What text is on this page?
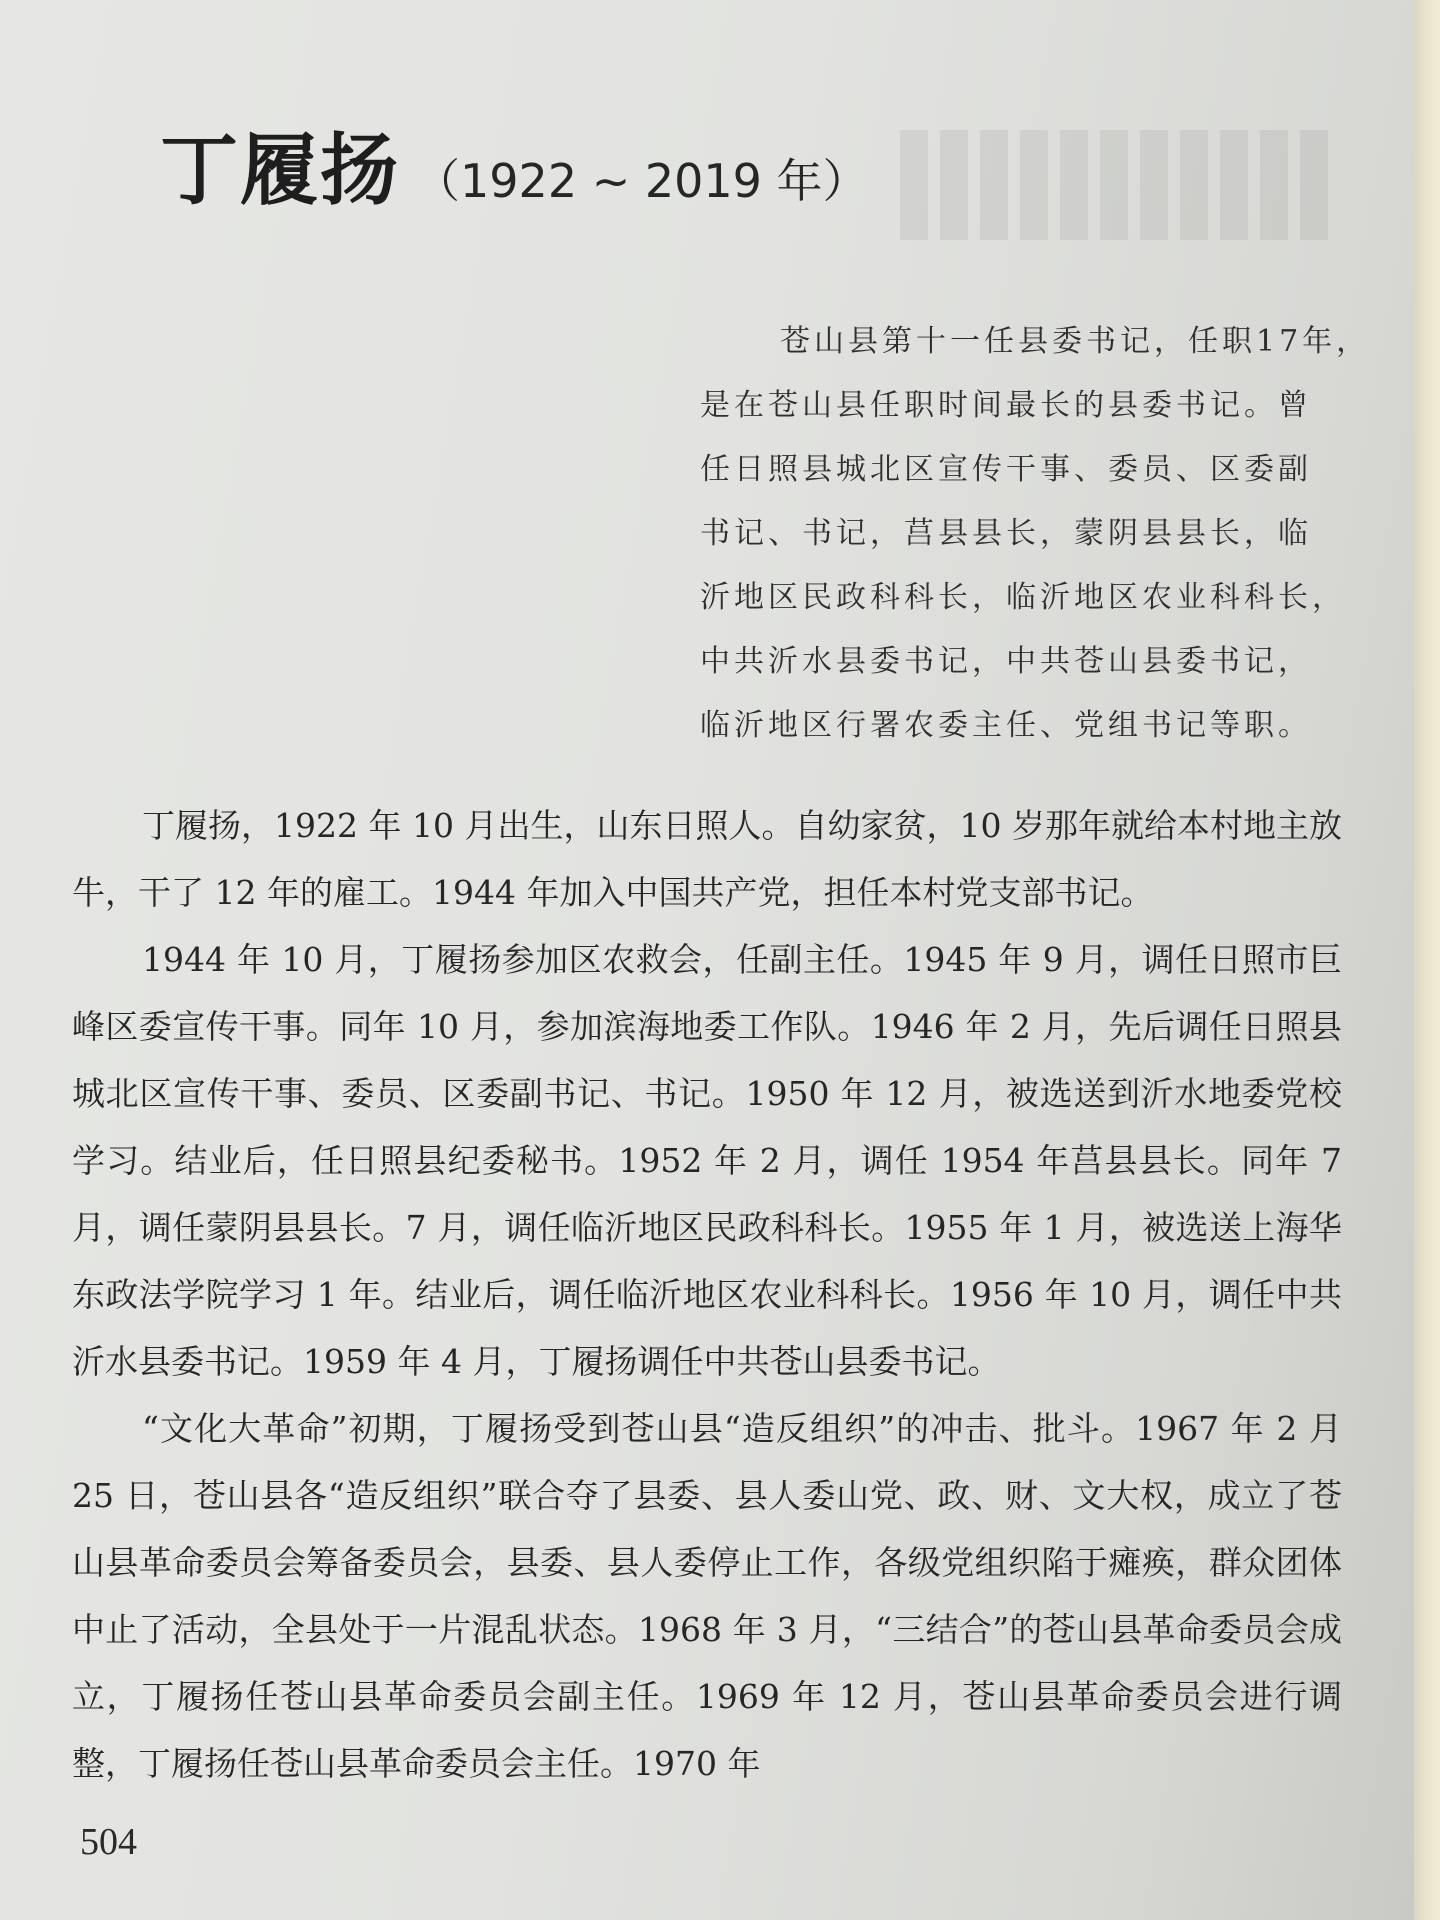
丁履扬 （1922 ~ 2019 年）
苍山县第十一任县委书记，任职17年，
是在苍山县任职时间最长的县委书记。曾
任日照县城北区宣传干事、委员、区委副
书记、书记，莒县县长，蒙阴县县长，临
沂地区民政科科长，临沂地区农业科科长，
中共沂水县委书记，中共苍山县委书记，
临沂地区行署农委主任、党组书记等职。

丁履扬，1922 年 10 月出生，山东日照人。自幼家贫，10 岁那年就给本村地主放牛，干了 12 年的雇工。1944 年加入中国共产党，担任本村党支部书记。

1944 年 10 月，丁履扬参加区农救会，任副主任。1945 年 9 月，调任日照市巨峰区委宣传干事。同年 10 月，参加滨海地委工作队。1946 年 2 月，先后调任日照县城北区宣传干事、委员、区委副书记、书记。1950 年 12 月，被选送到沂水地委党校学习。结业后，任日照县纪委秘书。1952 年 2 月，调任 1954 年莒县县长。同年 7 月，调任蒙阴县县长。7 月，调任临沂地区民政科科长。1955 年 1 月，被选送上海华东政法学院学习 1 年。结业后，调任临沂地区农业科科长。1956 年 10 月，调任中共沂水县委书记。1959 年 4 月，丁履扬调任中共苍山县委书记。

“文化大革命”初期，丁履扬受到苍山县“造反组织”的冲击、批斗。1967 年 2 月 25 日，苍山县各“造反组织”联合夺了县委、县人委山党、政、财、文大权，成立了苍山县革命委员会筹备委员会，县委、县人委停止工作，各级党组织陷于瘫痪，群众团体中止了活动，全县处于一片混乱状态。1968 年 3 月，“三结合”的苍山县革命委员会成立，丁履扬任苍山县革命委员会副主任。1969 年 12 月，苍山县革命委员会进行调整，丁履扬任苍山县革命委员会主任。1970 年

504
